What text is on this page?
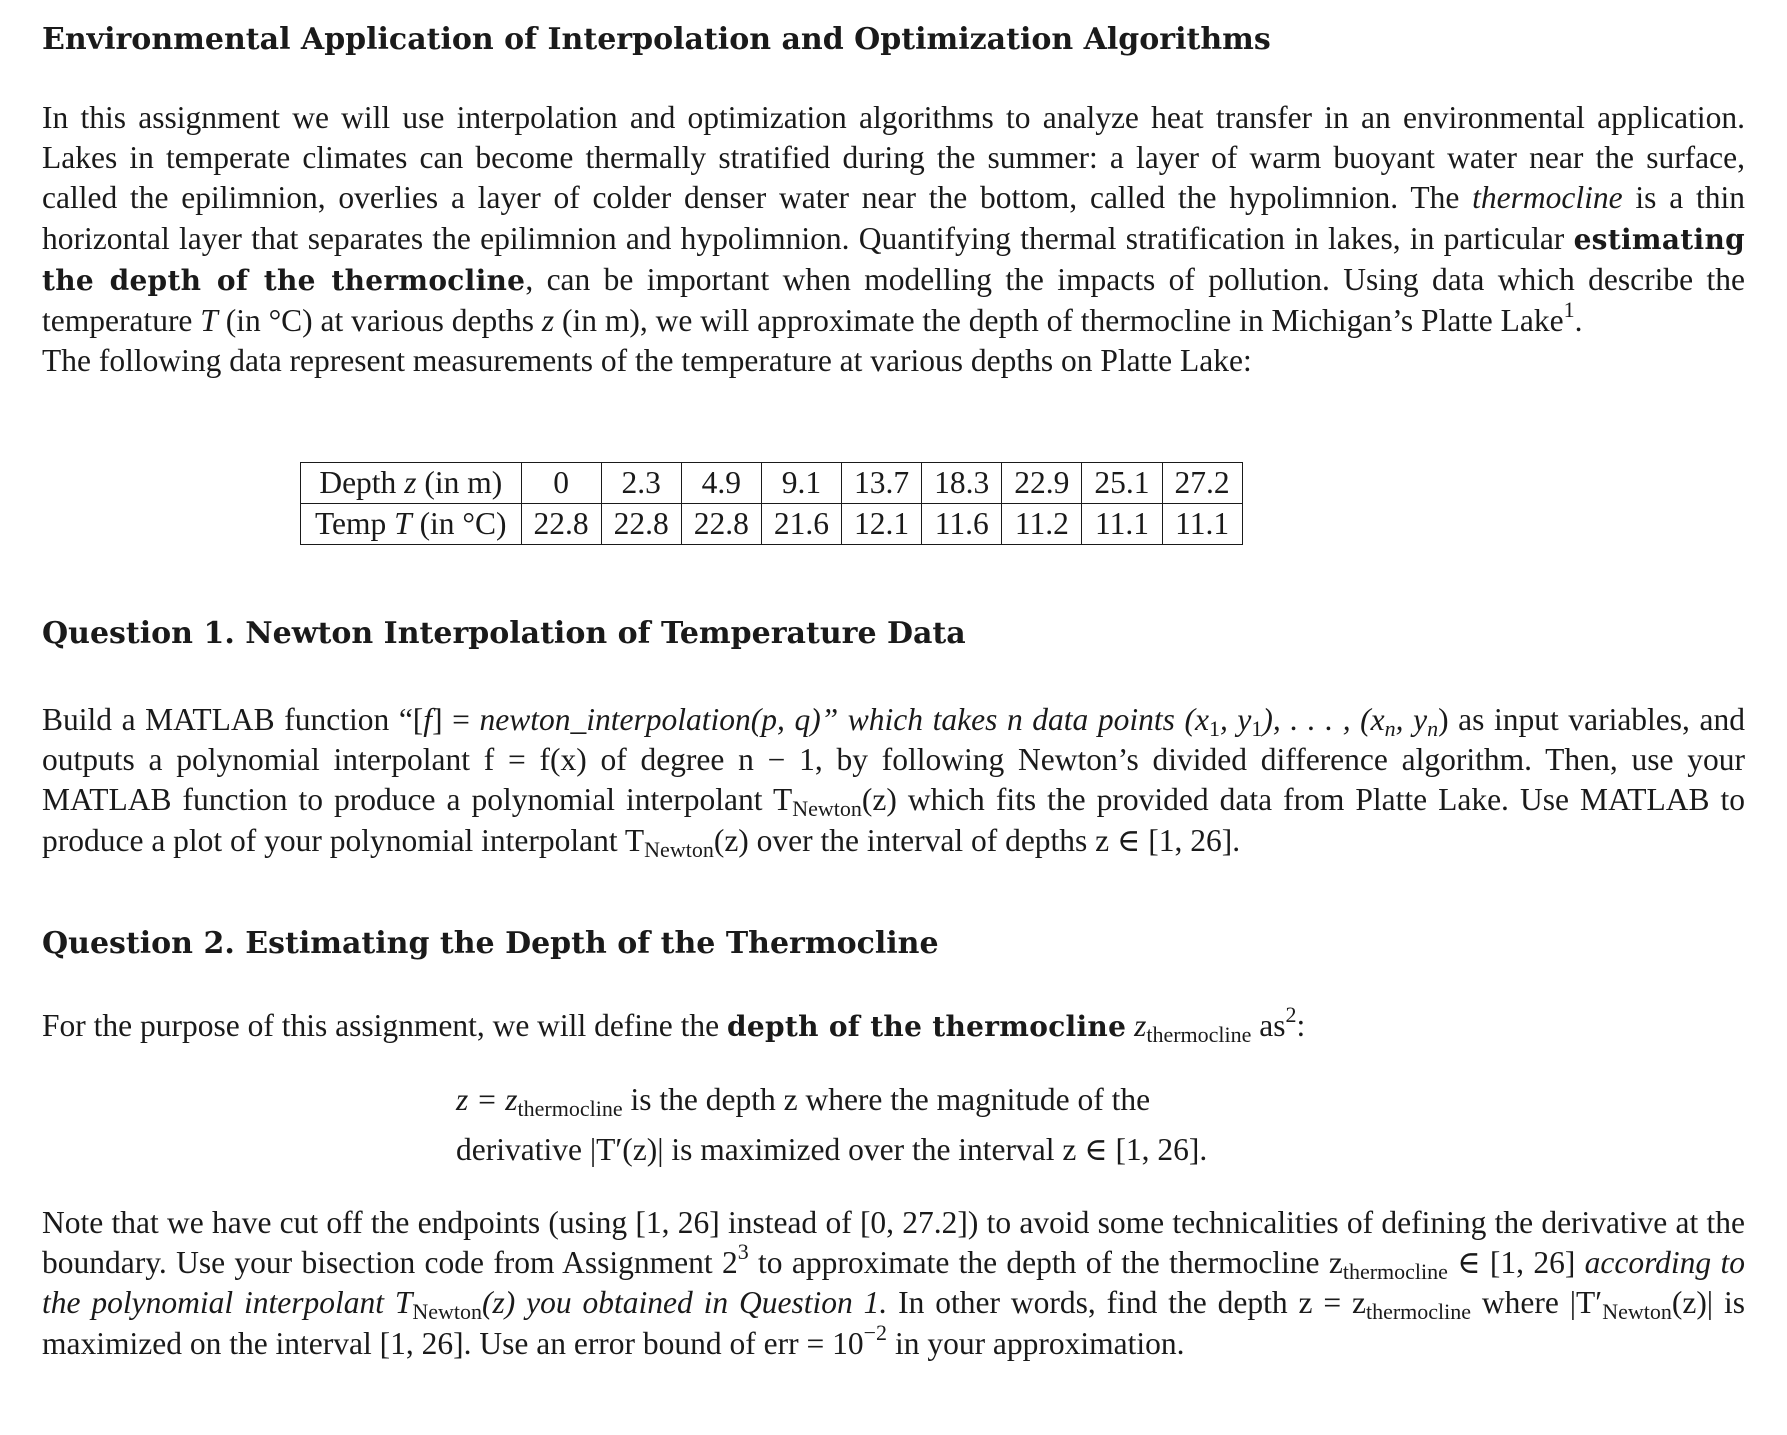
Environmental Application of Interpolation and Optimization Algorithms

In this assignment we will use interpolation and optimization algorithms to analyze heat transfer in an environmental application. Lakes in temperate climates can become thermally stratified during the summer: a layer of warm buoyant water near the surface, called the epilimnion, overlies a layer of colder denser water near the bottom, called the hypolimnion. The thermocline is a thin horizontal layer that separates the epilimnion and hypolimnion. Quantifying thermal stratification in lakes, in particular estimating the depth of the thermocline, can be important when modelling the impacts of pollution. Using data which describe the temperature T (in °C) at various depths z (in m), we will approximate the depth of thermocline in Michigan’s Platte Lake$^1$.
The following data represent measurements of the temperature at various depths on Platte Lake:

Depth z (in m)	0	2.3	4.9	9.1	13.7	18.3	22.9	25.1	27.2
Temp T (in °C)	22.8	22.8	22.8	21.6	12.1	11.6	11.2	11.1	11.1
Question 1. Newton Interpolation of Temperature Data

Build a MATLAB function “[f] = newton_interpolation(p, q)” which takes n data points ($x_1$, $y_1$), . . . , ($x_n$, $y_n$) as input variables, and outputs a polynomial interpolant f = f(x) of degree n − 1, by following Newton’s divided difference algorithm. Then, use your MATLAB function to produce a polynomial interpolant $T_{Newton}(z)$ which fits the provided data from Platte Lake. Use MATLAB to produce a plot of your polynomial interpolant $T_{Newton}(z)$ over the interval of depths z ∈ [1, 26].

Question 2. Estimating the Depth of the Thermocline

For the purpose of this assignment, we will define the depth of the thermocline $z_{thermocline}$ $as^2$:

$z = z_{thermocline}$ is the depth z where the magnitude of the
derivative |T′(z)| is maximized over the interval z ∈ [1, 26].

Note that we have cut off the endpoints (using [1, 26] instead of [0, 27.2]) to avoid some technicalities of defining the derivative at the boundary. Use your bisection code from Assignment $2^3$ to approximate the depth of the thermocline $z_{thermocline}$ ∈ [1, 26] according to the polynomial interpolant $T_{Newton}(z)$ you obtained in Question 1. In other words, find the depth $z = z_{thermocline}$ where $|T'_{Newton}(z)|$ is maximized on the interval [1, 26]. Use an error bound of err = $10^{-2}$ in your approximation.
